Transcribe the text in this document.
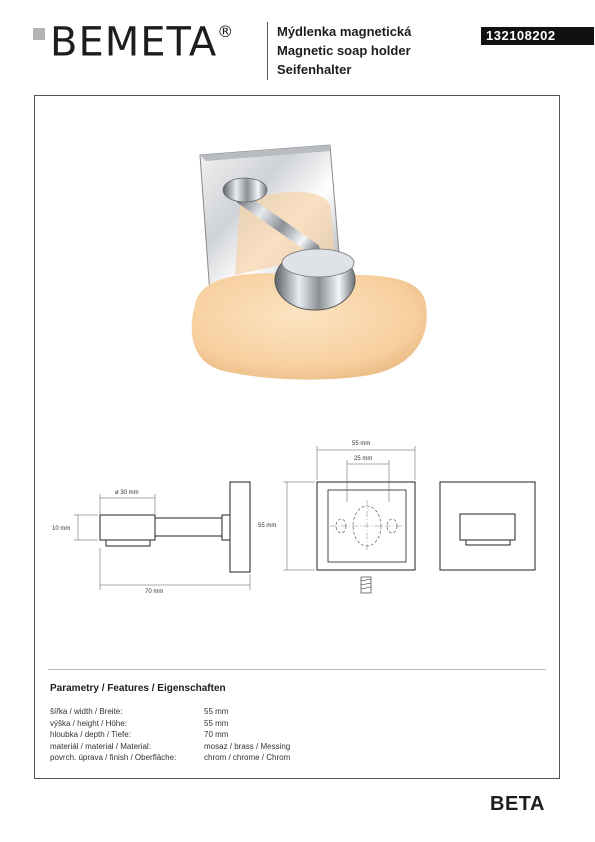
BEMETA®	Mýdlenka magnetická
Magnetic soap holder
Seifenhalter
132108202
ø 30 mm
10 mm
70 mm
55 mm
25 mm
55 mm
Parametry / Features / Eigenschaften
šířka / width / Breite:	55 mm
výška / height / Höhe:	55 mm
hloubka / depth / Tiefe:	70 mm
materiál / material / Material:	mosaz / brass / Messing
povrch. úprava / finish / Oberfläche:	chrom / chrome / Chrom
BETA
